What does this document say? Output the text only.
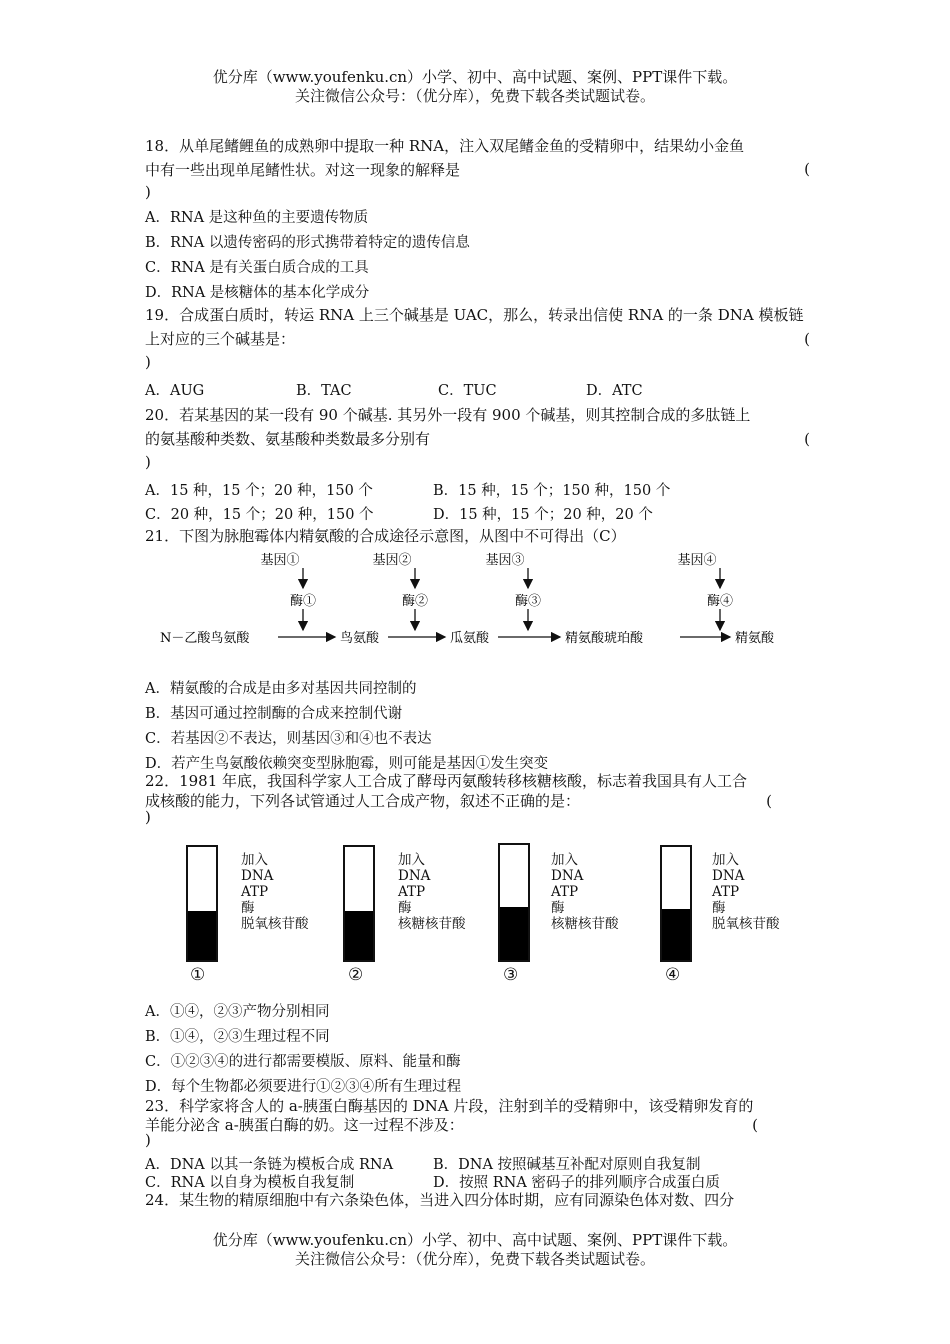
优分库（www.youfenku.cn）小学、初中、高中试题、案例、PPT课件下载。
关注微信公众号：（优分库），免费下载各类试题试卷。
18．从单尾鳍鲤鱼的成熟卵中提取一种 RNA，注入双尾鳍金鱼的受精卵中，结果幼小金鱼
中有一些出现单尾鳍性状。对这一现象的解释是	(
)
A．RNA 是这种鱼的主要遗传物质
B．RNA 以遗传密码的形式携带着特定的遗传信息
C．RNA 是有关蛋白质合成的工具
D．RNA 是核糖体的基本化学成分
19．合成蛋白质时，转运 RNA 上三个碱基是 UAC，那么，转录出信使 RNA 的一条 DNA 模板链
上对应的三个碱基是：	(
)
A．AUG	B．TAC	C．TUC	D．ATC
20．若某基因的某一段有 90 个碱基. 其另外一段有 900 个碱基，则其控制合成的多肽链上
的氨基酸种类数、氨基酸种类数最多分别有	(
)
A．15 种，15 个；20 种，150 个	B．15 种，15 个；150 种，150 个
C．20 种，15 个；20 种，150 个	D．15 种，15 个；20 种，20 个
21．下图为脉胞霉体内精氨酸的合成途径示意图，从图中不可得出（C）
基因①	基因②	基因③	基因④
酶①	酶②	酶③	酶④
N－乙酸鸟氨酸	鸟氨酸	瓜氨酸	精氨酸琥珀酸	精氨酸
A．精氨酸的合成是由多对基因共同控制的
B．基因可通过控制酶的合成来控制代谢
C．若基因②不表达，则基因③和④也不表达
D．若产生鸟氨酸依赖突变型脉胞霉，则可能是基因①发生突变
22．1981 年底，我国科学家人工合成了酵母丙氨酸转移核糖核酸，标志着我国具有人工合
成核酸的能力，下列各试管通过人工合成产物，叙述不正确的是：	(
)
加入
DNA
ATP
酶
脱氧核苷酸
①
加入
DNA
ATP
酶
核糖核苷酸
②
加入
DNA
ATP
酶
核糖核苷酸
③
加入
DNA
ATP
酶
脱氧核苷酸
④
A．①④，②③产物分别相同
B．①④，②③生理过程不同
C．①②③④的进行都需要模版、原料、能量和酶
D．每个生物都必须要进行①②③④所有生理过程
23．科学家将含人的 a-胰蛋白酶基因的 DNA 片段，注射到羊的受精卵中，该受精卵发育的
羊能分泌含 a-胰蛋白酶的奶。这一过程不涉及：	(
)
A．DNA 以其一条链为模板合成 RNA	B．DNA 按照碱基互补配对原则自我复制
C．RNA 以自身为模板自我复制	D．按照 RNA 密码子的排列顺序合成蛋白质
24．某生物的精原细胞中有六条染色体，当进入四分体时期，应有同源染色体对数、四分
优分库（www.youfenku.cn）小学、初中、高中试题、案例、PPT课件下载。
关注微信公众号：（优分库），免费下载各类试题试卷。
